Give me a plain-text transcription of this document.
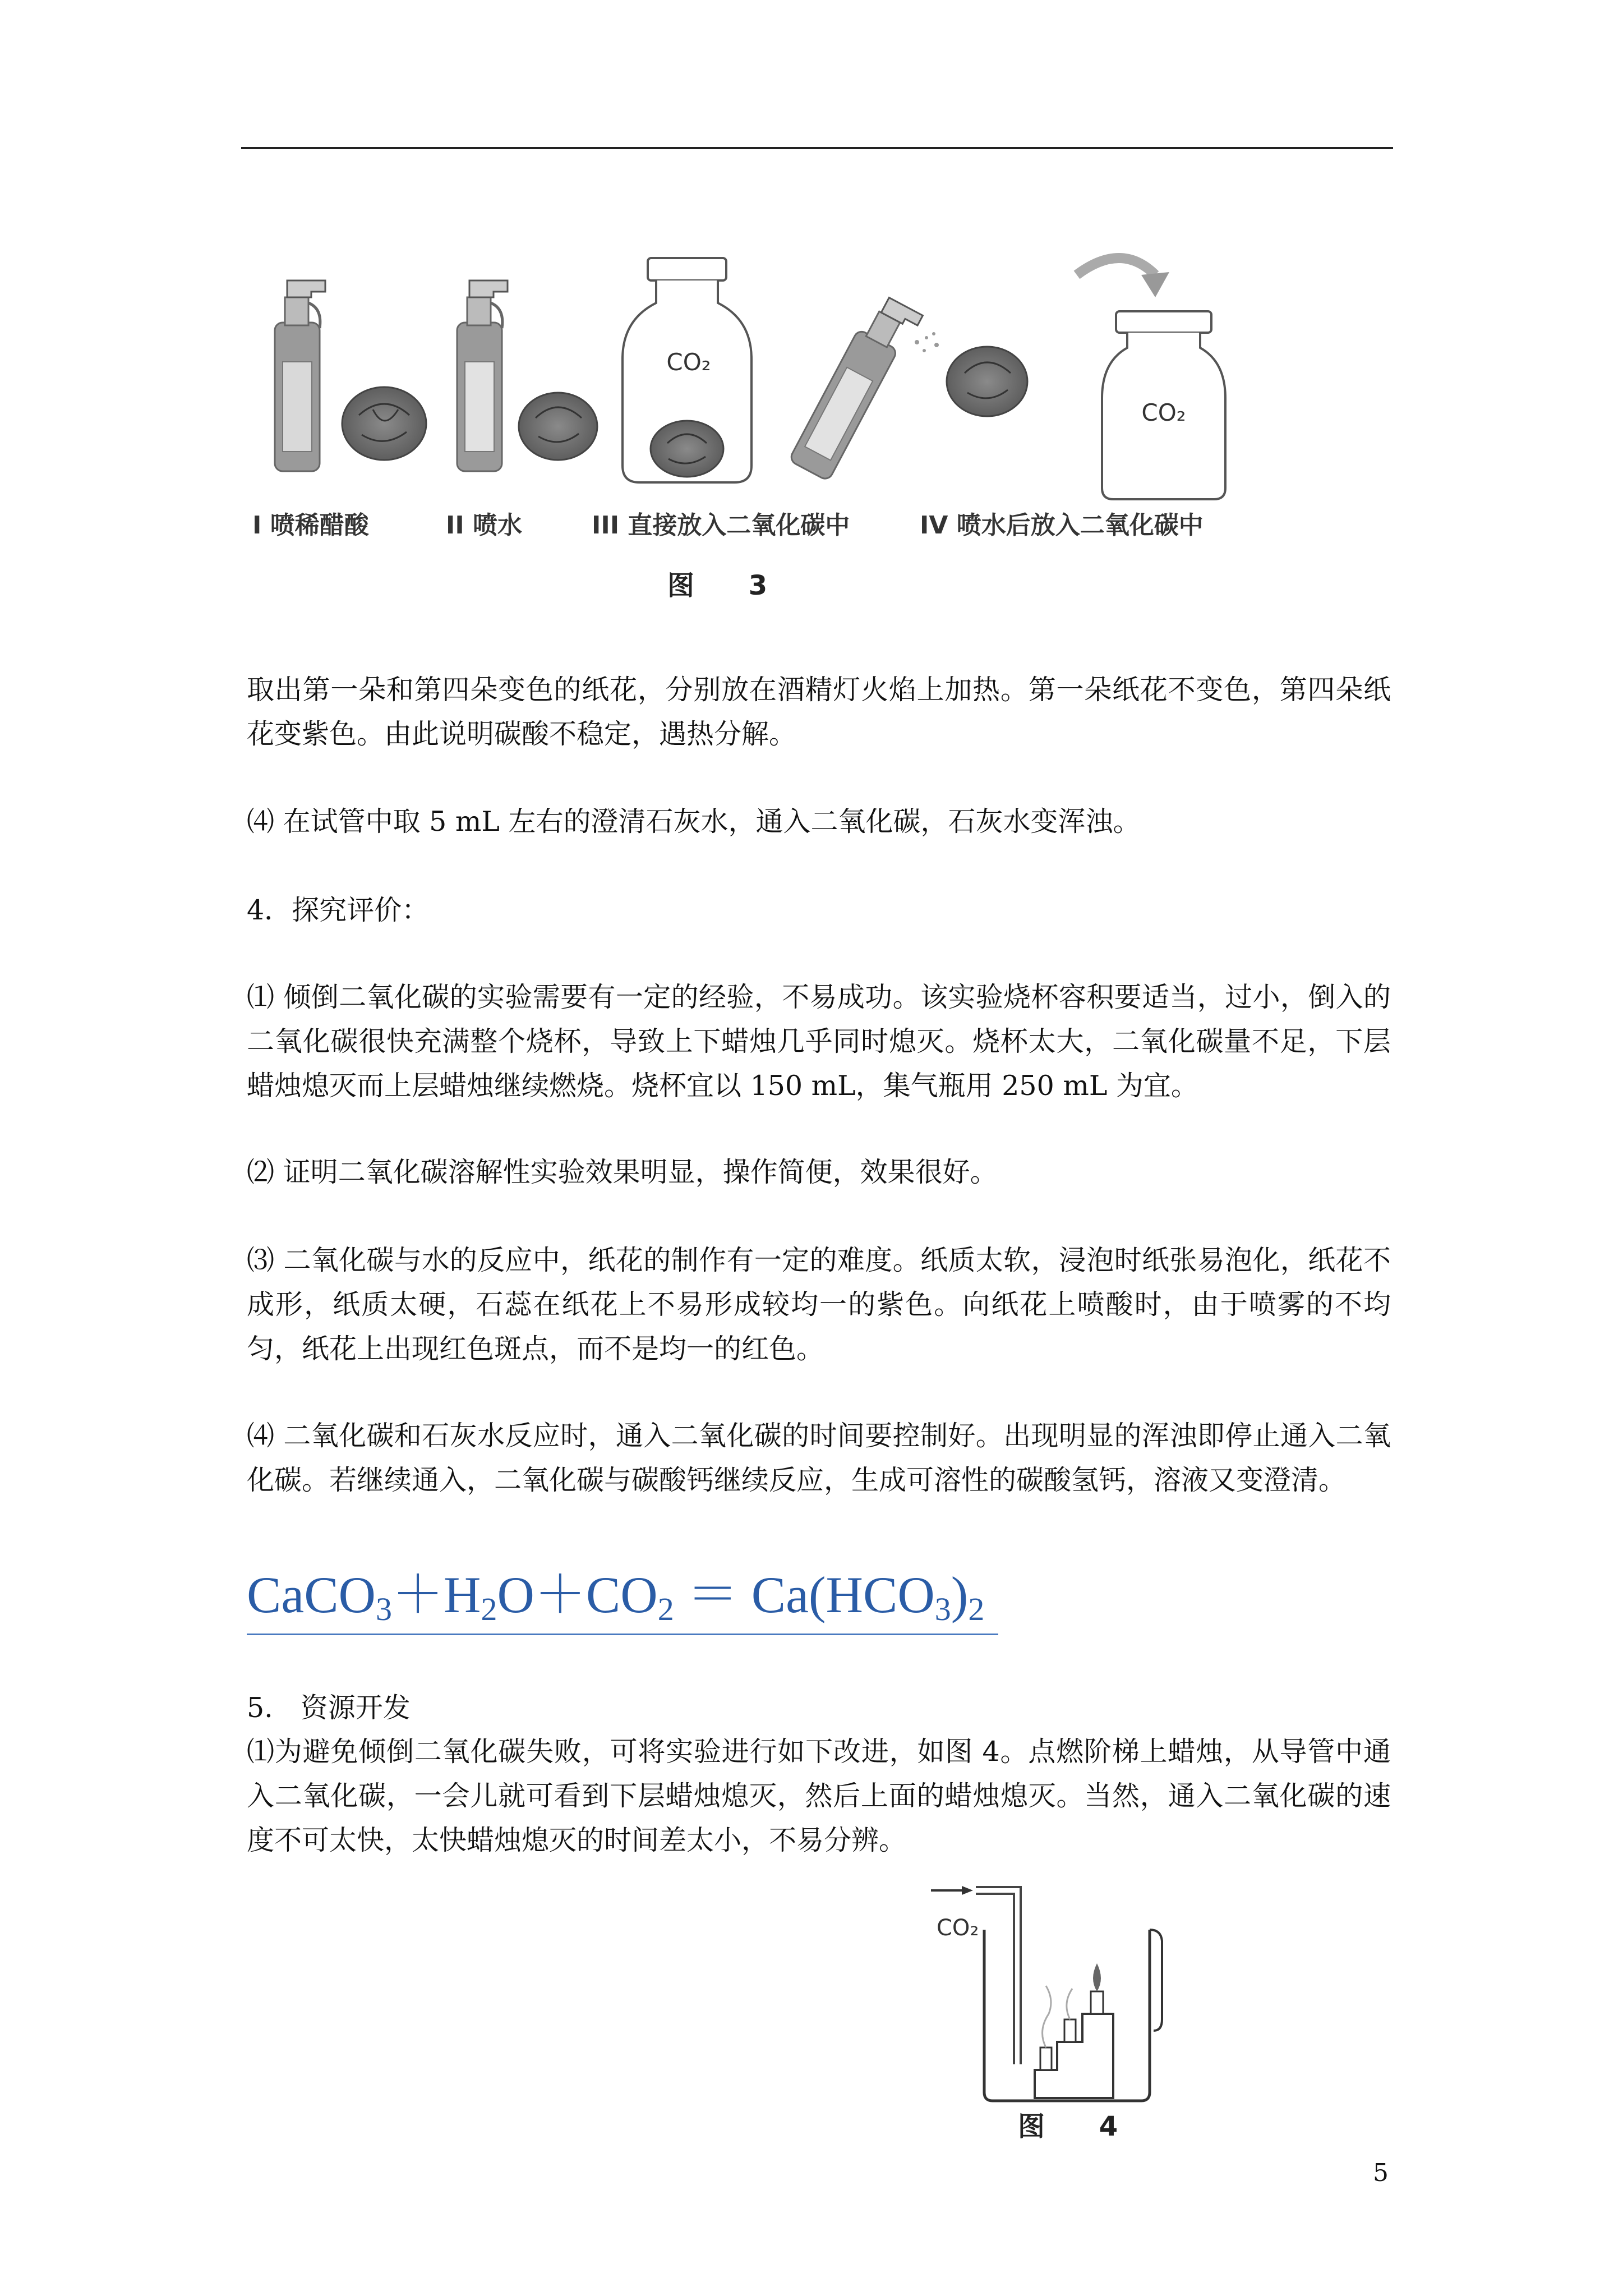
CO₂
CO₂
I 喷稀醋酸	II 喷水	III 直接放入二氧化碳中	IV 喷水后放入二氧化碳中
图 3

取出第一朵和第四朵变色的纸花，分别放在酒精灯火焰上加热。第一朵纸花不变色，第四朵纸花变紫色。由此说明碳酸不稳定，遇热分解。

⑷ 在试管中取 5 mL 左右的澄清石灰水，通入二氧化碳，石灰水变浑浊。

4．探究评价：

⑴ 倾倒二氧化碳的实验需要有一定的经验，不易成功。该实验烧杯容积要适当，过小，倒入的二氧化碳很快充满整个烧杯，导致上下蜡烛几乎同时熄灭。烧杯太大，二氧化碳量不足，下层蜡烛熄灭而上层蜡烛继续燃烧。烧杯宜以 150 mL，集气瓶用 250 mL 为宜。

⑵ 证明二氧化碳溶解性实验效果明显，操作简便，效果很好。

⑶ 二氧化碳与水的反应中，纸花的制作有一定的难度。纸质太软，浸泡时纸张易泡化，纸花不成形，纸质太硬，石蕊在纸花上不易形成较均一的紫色。向纸花上喷酸时，由于喷雾的不均匀，纸花上出现红色斑点，而不是均一的红色。

⑷ 二氧化碳和石灰水反应时，通入二氧化碳的时间要控制好。出现明显的浑浊即停止通入二氧化碳。若继续通入，二氧化碳与碳酸钙继续反应，生成可溶性的碳酸氢钙，溶液又变澄清。

$CaCO_3+H_2O+CO_2 = Ca(HCO_3)_2$

5.　资源开发

⑴为避免倾倒二氧化碳失败，可将实验进行如下改进，如图 4。点燃阶梯上蜡烛，从导管中通入二氧化碳，一会儿就可看到下层蜡烛熄灭，然后上面的蜡烛熄灭。当然，通入二氧化碳的速度不可太快，太快蜡烛熄灭的时间差太小，不易分辨。

CO₂
图 4
5
